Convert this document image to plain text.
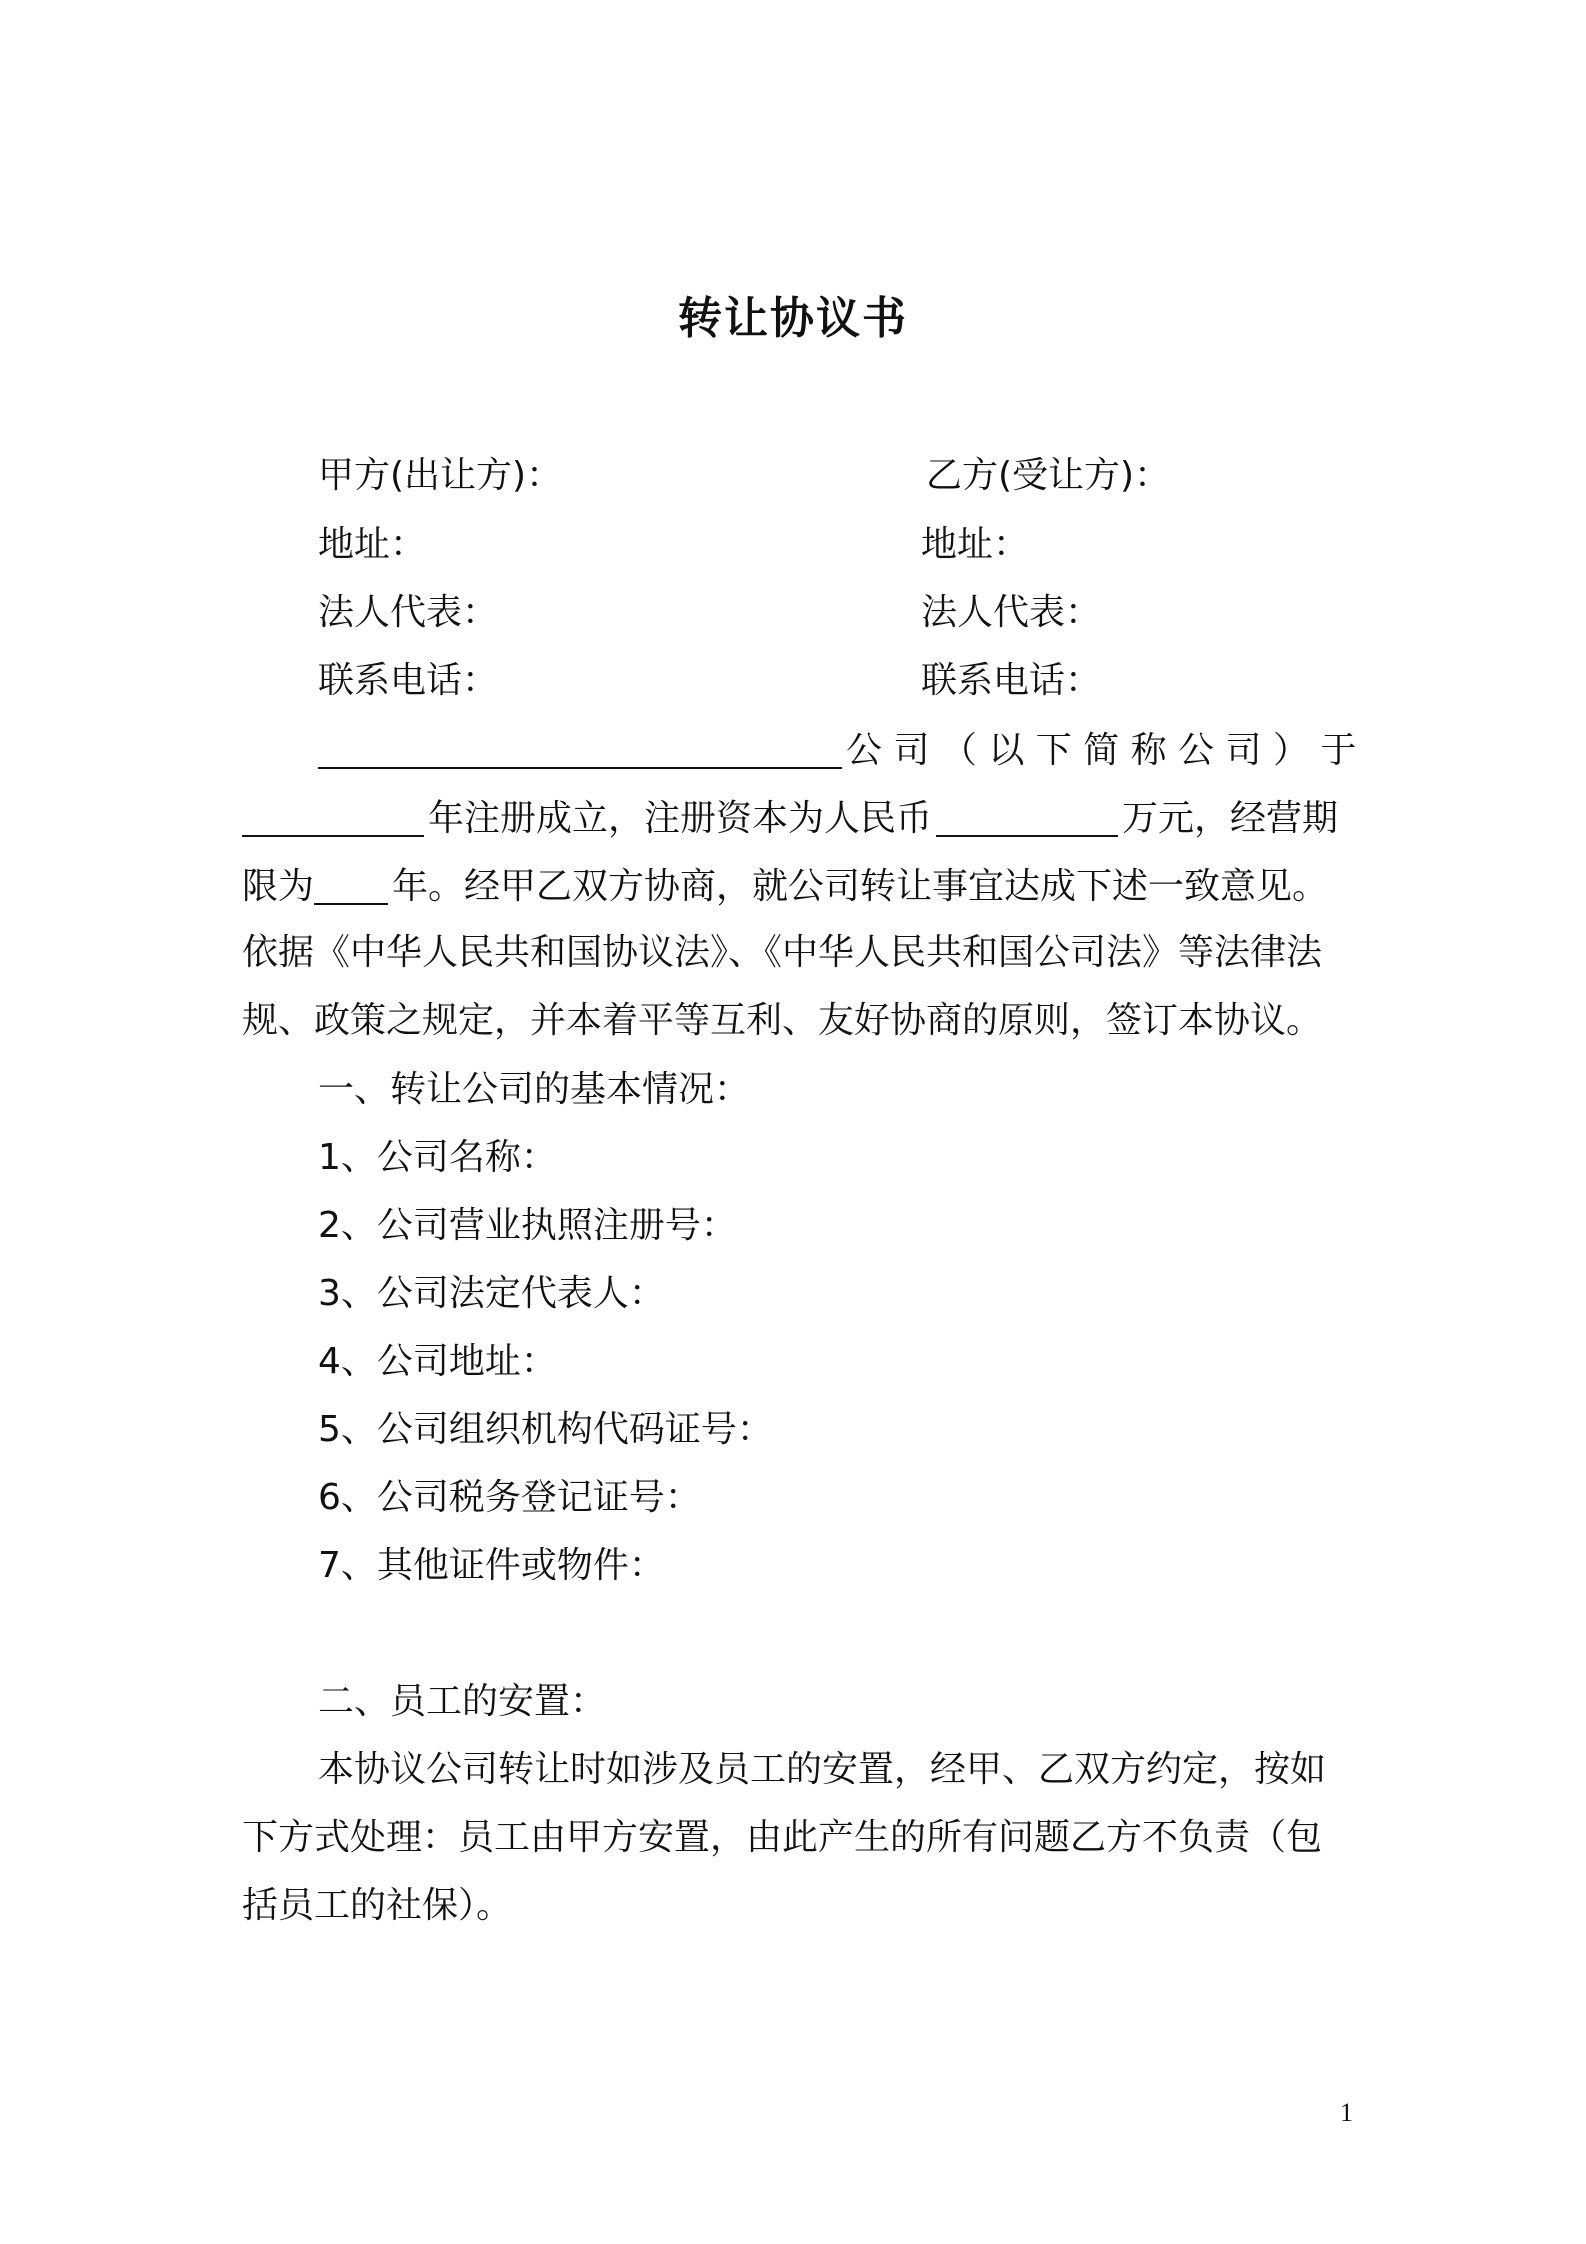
转让协议书
甲方(出让方)：
地址：
法人代表：
联系电话：
乙方(受让方)：
地址：
法人代表：
联系电话：
公 司 （ 以 下 简 称 公 司 ） 于
年注册成立，注册资本为人民币	万元，经营期
限为 年。经甲乙双方协商，就公司转让事宜达成下述一致意见。
依据《中华人民共和国协议法》、《中华人民共和国公司法》等法律法
规、政策之规定，并本着平等互利、友好协商的原则，签订本协议。
一、转让公司的基本情况：
1、公司名称：
2、公司营业执照注册号：
3、公司法定代表人：
4、公司地址：
5、公司组织机构代码证号：
6、公司税务登记证号：
7、其他证件或物件：
二、员工的安置：
本协议公司转让时如涉及员工的安置，经甲、乙双方约定，按如
下方式处理：员工由甲方安置，由此产生的所有问题乙方不负责（包
括员工的社保）。
1
